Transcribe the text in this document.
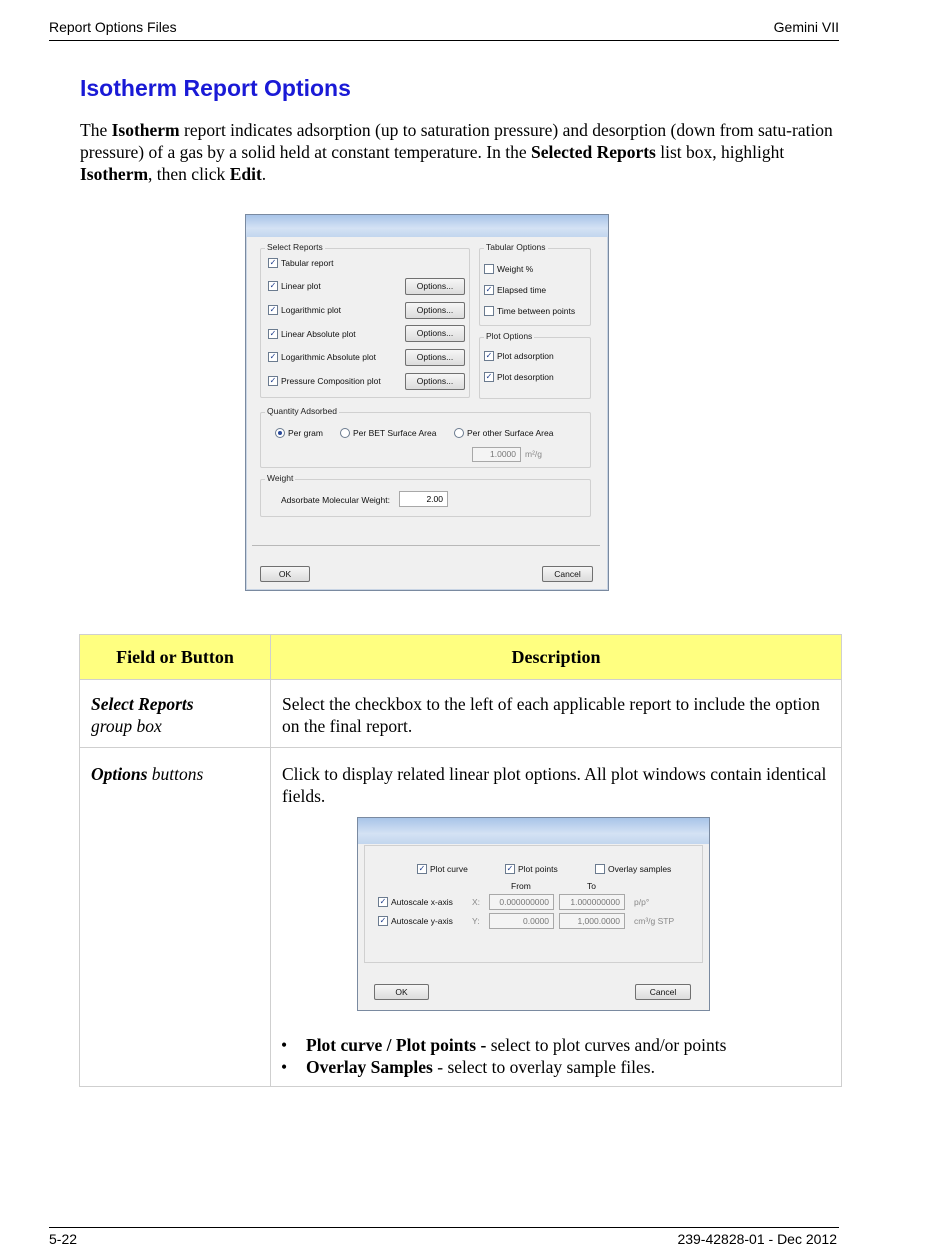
Report Options Files	Gemini VII
Isotherm Report Options
The Isotherm report indicates adsorption (up to saturation pressure) and desorption (down from satu-ration pressure) of a gas by a solid held at constant temperature. In the Selected Reports list box, highlight Isotherm, then click Edit.
Select Reports
✓ Tabular report
✓ Linear plot
✓ Logarithmic plot
✓ Linear Absolute plot
✓ Logarithmic Absolute plot
✓ Pressure Composition plot
Options...
Options...
Options...
Options...
Options...
Tabular Options
Weight %
✓ Elapsed time
Time between points
Plot Options
✓ Plot adsorption
✓ Plot desorption
Quantity Adsorbed
Per gram	Per BET Surface Area	Per other Surface Area
1.0000	m²/g
Weight
Adsorbate Molecular Weight:	2.00
OK	Cancel
Field or Button	Description
Select Reports
group box
Select the checkbox to the left of each applicable report to include the option on the final report.
Options buttons	Click to display related linear plot options. All plot windows contain identical fields.
✓ Plot curve	✓ Plot points	Overlay samples
From	To
✓ Autoscale x-axis X:	0.000000000	1.000000000	p/p°
✓ Autoscale y-axis Y:	0.0000	1,000.0000	cm³/g STP
OK	Cancel
• Plot curve / Plot points - select to plot curves and/or points
• Overlay Samples - select to overlay sample files.
5-22	239-42828-01 - Dec 2012
